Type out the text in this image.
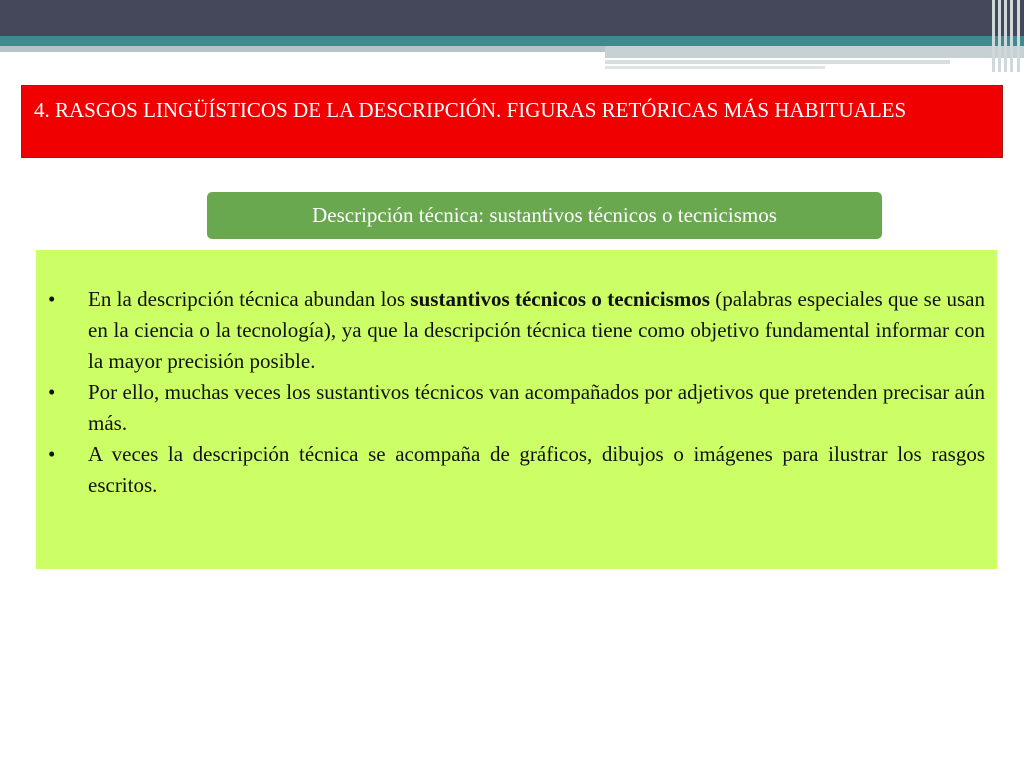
4. RASGOS LINGÜÍSTICOS DE LA DESCRIPCIÓN. FIGURAS RETÓRICAS MÁS HABITUALES
Descripción técnica: sustantivos técnicos o tecnicismos
•	En la descripción técnica abundan los sustantivos técnicos o tecnicismos (palabras especiales que se usan en la ciencia o la tecnología), ya que la descripción técnica tiene como objetivo fundamental informar con la mayor precisión posible.
•	Por ello, muchas veces los sustantivos técnicos van acompañados por adjetivos que pretenden precisar aún más.
•	A veces la descripción técnica se acompaña de gráficos, dibujos o imágenes para ilustrar los rasgos escritos.
